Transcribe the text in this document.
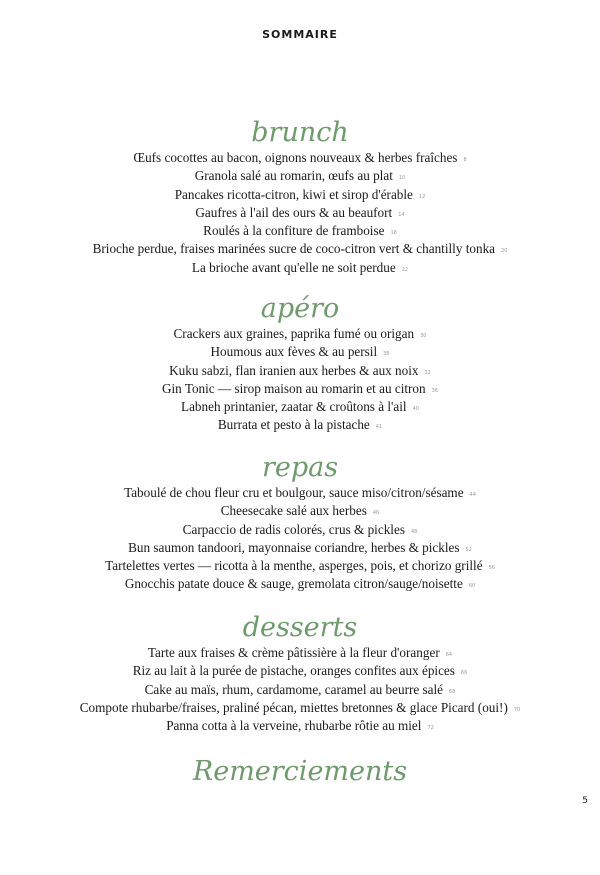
SOMMAIRE
brunch
Œufs cocottes au bacon, oignons nouveaux & herbes fraîches 8
Granola salé au romarin, œufs au plat 10
Pancakes ricotta-citron, kiwi et sirop d'érable 12
Gaufres à l'ail des ours & au beaufort 14
Roulés à la confiture de framboise 18
Brioche perdue, fraises marinées sucre de coco-citron vert & chantilly tonka 20
La brioche avant qu'elle ne soit perdue 22
apéro
Crackers aux graines, paprika fumé ou origan 30
Houmous aux fèves & au persil 38
Kuku sabzi, flan iranien aux herbes & aux noix 32
Gin Tonic — sirop maison au romarin et au citron 36
Labneh printanier, zaatar & croûtons à l'ail 40
Burrata et pesto à la pistache 41
repas
Taboulé de chou fleur cru et boulgour, sauce miso/citron/sésame 44
Cheesecake salé aux herbes 46
Carpaccio de radis colorés, crus & pickles 48
Bun saumon tandoori, mayonnaise coriandre, herbes & pickles 52
Tartelettes vertes — ricotta à la menthe, asperges, pois, et chorizo grillé 56
Gnocchis patate douce & sauge, gremolata citron/sauge/noisette 60
desserts
Tarte aux fraises & crème pâtissière à la fleur d'oranger 64
Riz au lait à la purée de pistache, oranges confites aux épices 66
Cake au maïs, rhum, cardamome, caramel au beurre salé 68
Compote rhubarbe/fraises, praliné pécan, miettes bretonnes & glace Picard (oui!) 70
Panna cotta à la verveine, rhubarbe rôtie au miel 72
Remerciements
5
